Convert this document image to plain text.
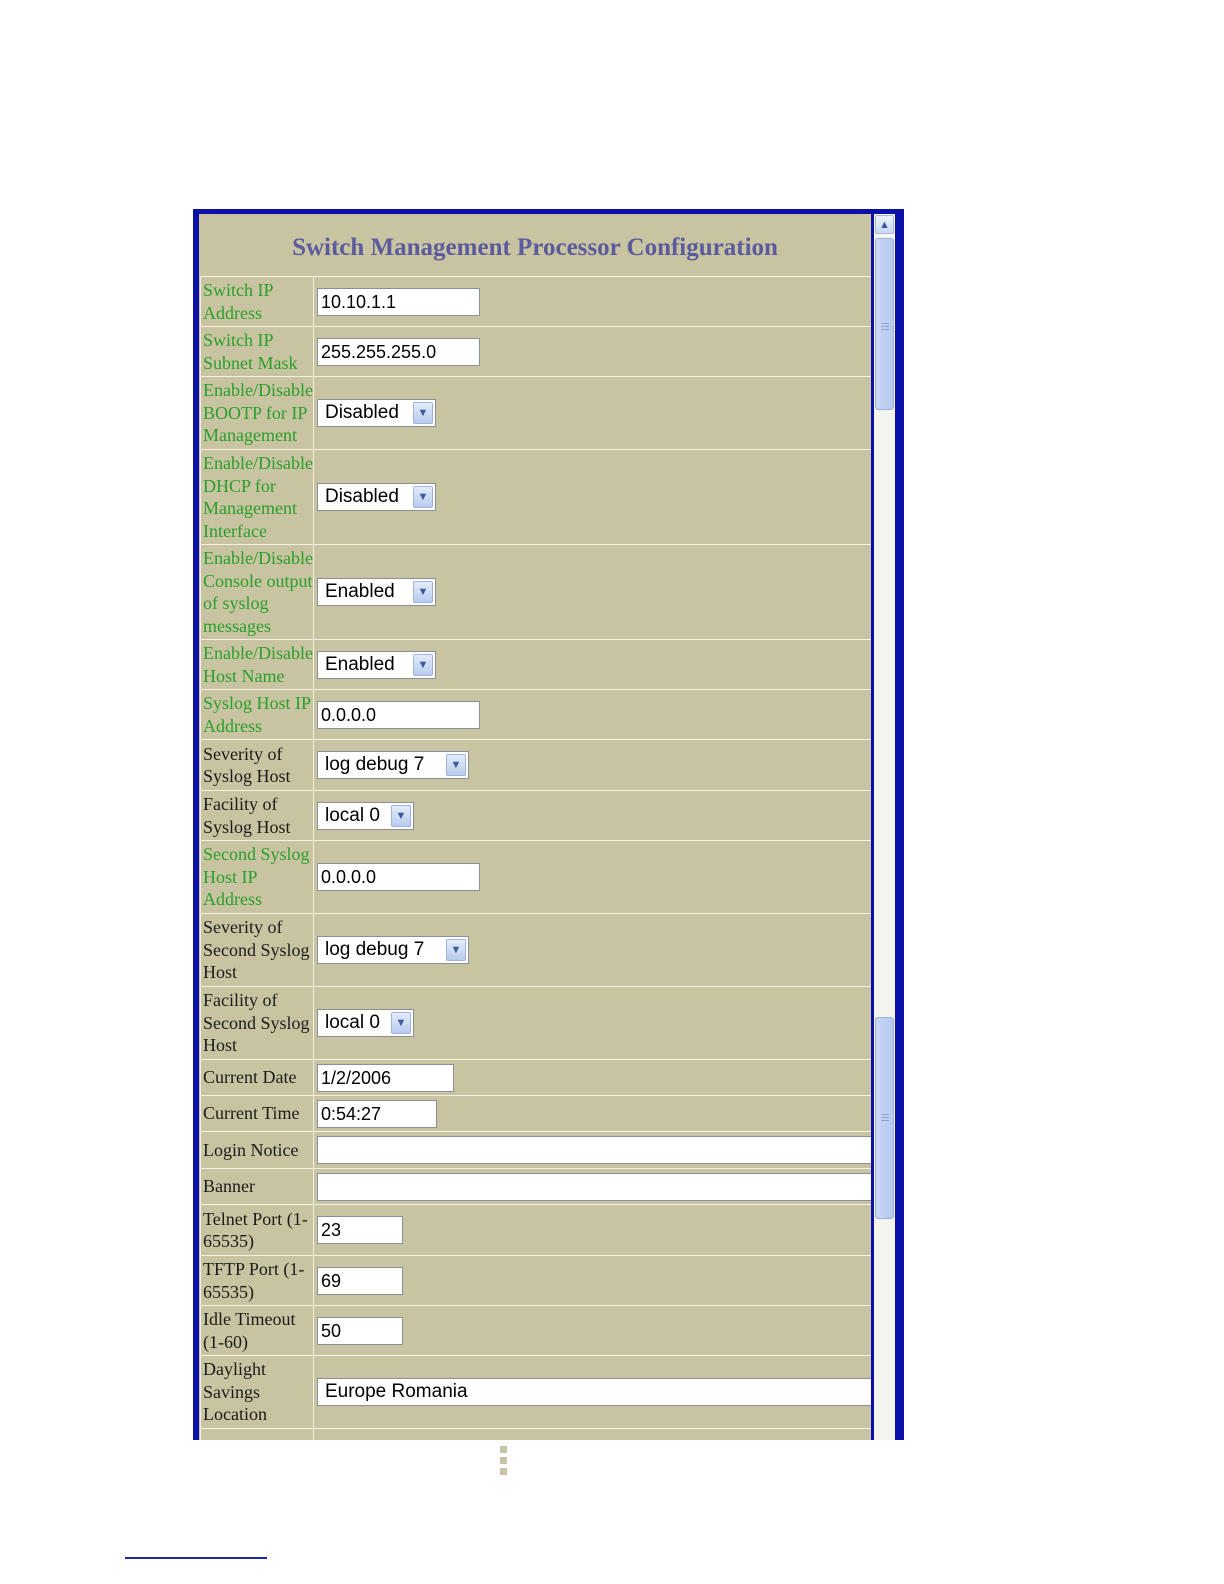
Switch Management Processor Configuration
Switch IP Address	10.10.1.1
Switch IP Subnet Mask	255.255.255.0
Enable/Disable BOOTP for IP Management	Disabled ▼

Enable/Disable DHCP for Management Interface	Disabled ▼

Enable/Disable Console output of syslog messages	Enabled ▼

Enable/Disable Host Name	Enabled ▼

Syslog Host IP Address	0.0.0.0
Severity of Syslog Host	log debug 7 ▼

Facility of Syslog Host	local 0 ▼

Second Syslog Host IP Address	0.0.0.0
Severity of Second Syslog Host	log debug 7 ▼

Facility of Second Syslog Host	local 0 ▼

Current Date	1/2/2006
Current Time	0:54:27
Login Notice	
Banner	
Telnet Port (1-65535)	23
TFTP Port (1-65535)	69
Idle Timeout (1-60)	50
Daylight Savings Location	Europe Romania

▲
